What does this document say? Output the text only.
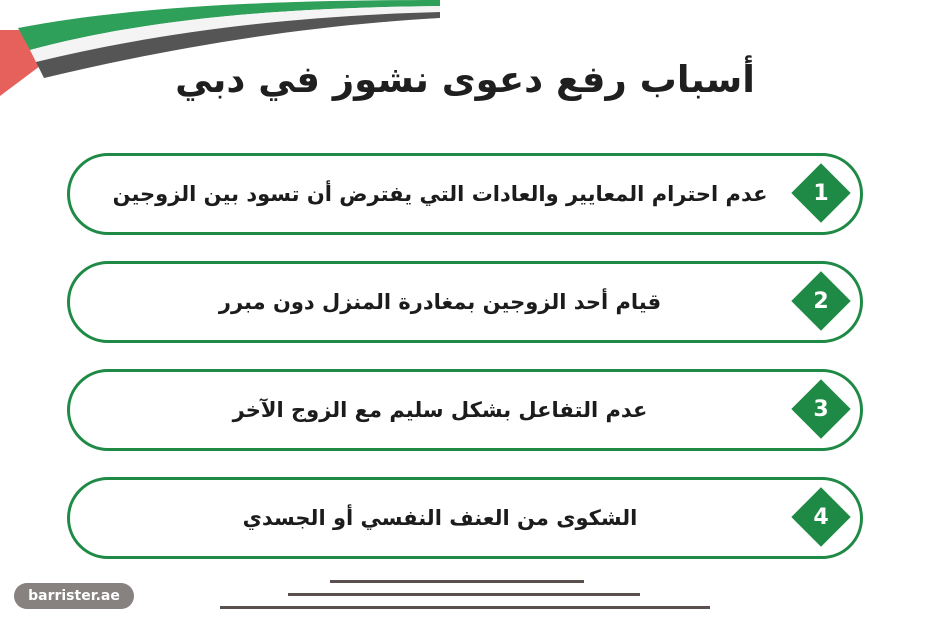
أسباب رفع دعوى نشوز في دبي
عدم احترام المعايير والعادات التي يفترض أن تسود بين الزوجين	1
قيام أحد الزوجين بمغادرة المنزل دون مبرر	2
عدم التفاعل بشكل سليم مع الزوج الآخر	3
الشكوى من العنف النفسي أو الجسدي	4
barrister.ae
